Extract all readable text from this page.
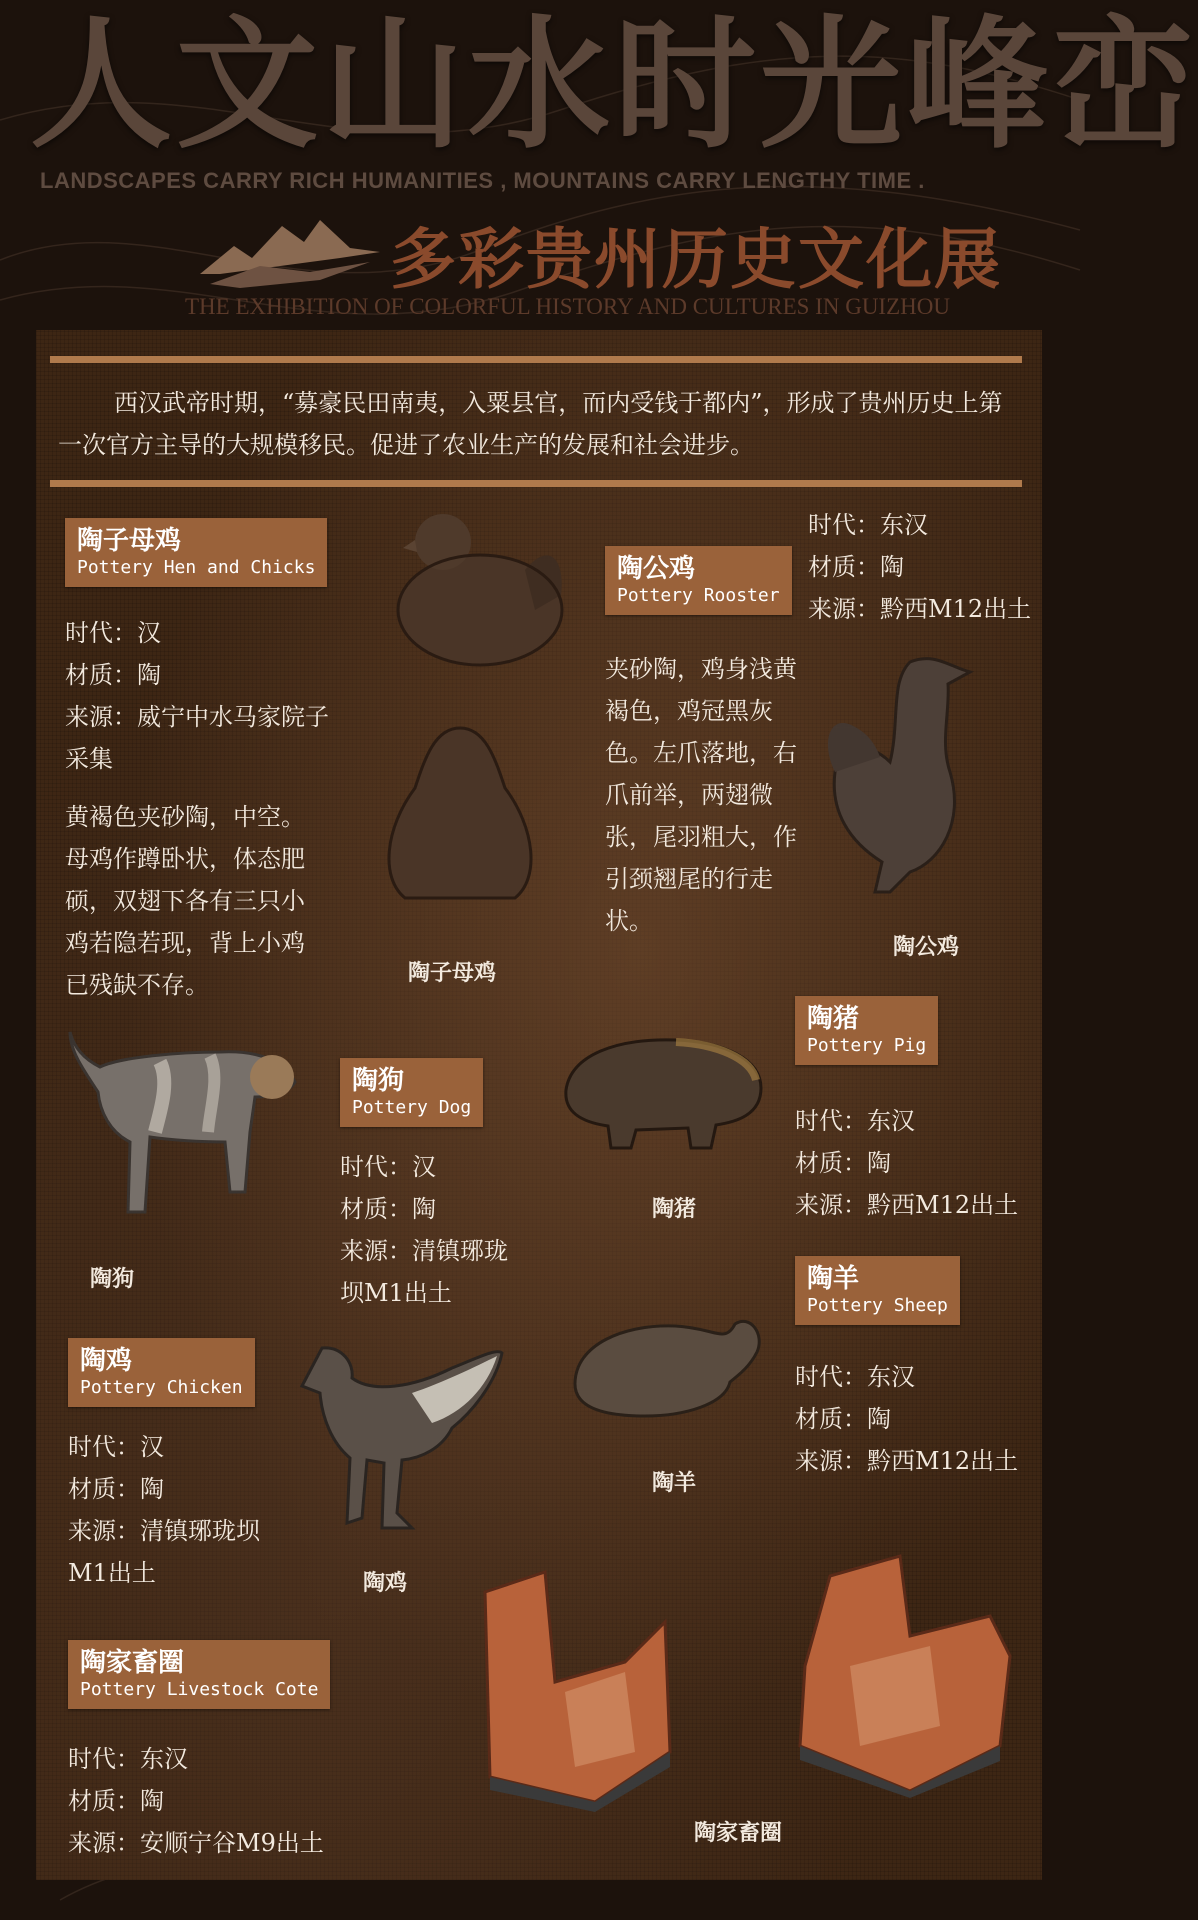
人文山水时光峰峦
LANDSCAPES CARRY RICH HUMANITIES , MOUNTAINS CARRY LENGTHY TIME .
多彩贵州历史文化展
THE EXHIBITION OF COLORFUL HISTORY AND CULTURES IN GUIZHOU
西汉武帝时期，“募豪民田南夷，入粟县官，而内受钱于都内”，形成了贵州历史上第一次官方主导的大规模移民。促进了农业生产的发展和社会进步。
陶子母鸡
Pottery Hen and Chicks
时代：汉
材质：陶
来源：威宁中水马家院子采集
黄褐色夹砂陶，中空。母鸡作蹲卧状，体态肥硕，双翅下各有三只小鸡若隐若现，背上小鸡已残缺不存。	陶子母鸡
陶公鸡
Pottery Rooster
时代：东汉
材质：陶
来源：黔西M12出土
夹砂陶，鸡身浅黄褐色，鸡冠黑灰色。左爪落地，右爪前举，两翅微张，尾羽粗大，作引颈翘尾的行走状。
陶公鸡
陶狗
陶狗
Pottery Dog
时代：汉
材质：陶
来源：清镇琊珑坝M1出土
陶猪
陶猪
Pottery Pig
时代：东汉
材质：陶
来源：黔西M12出土
陶羊
陶羊
Pottery Sheep
时代：东汉
材质：陶
来源：黔西M12出土
陶鸡
Pottery Chicken
时代：汉
材质：陶
来源：清镇琊珑坝M1出土	陶鸡
陶家畜圈
Pottery Livestock Cote
时代：东汉
材质：陶
来源：安顺宁谷M9出土	陶家畜圈
